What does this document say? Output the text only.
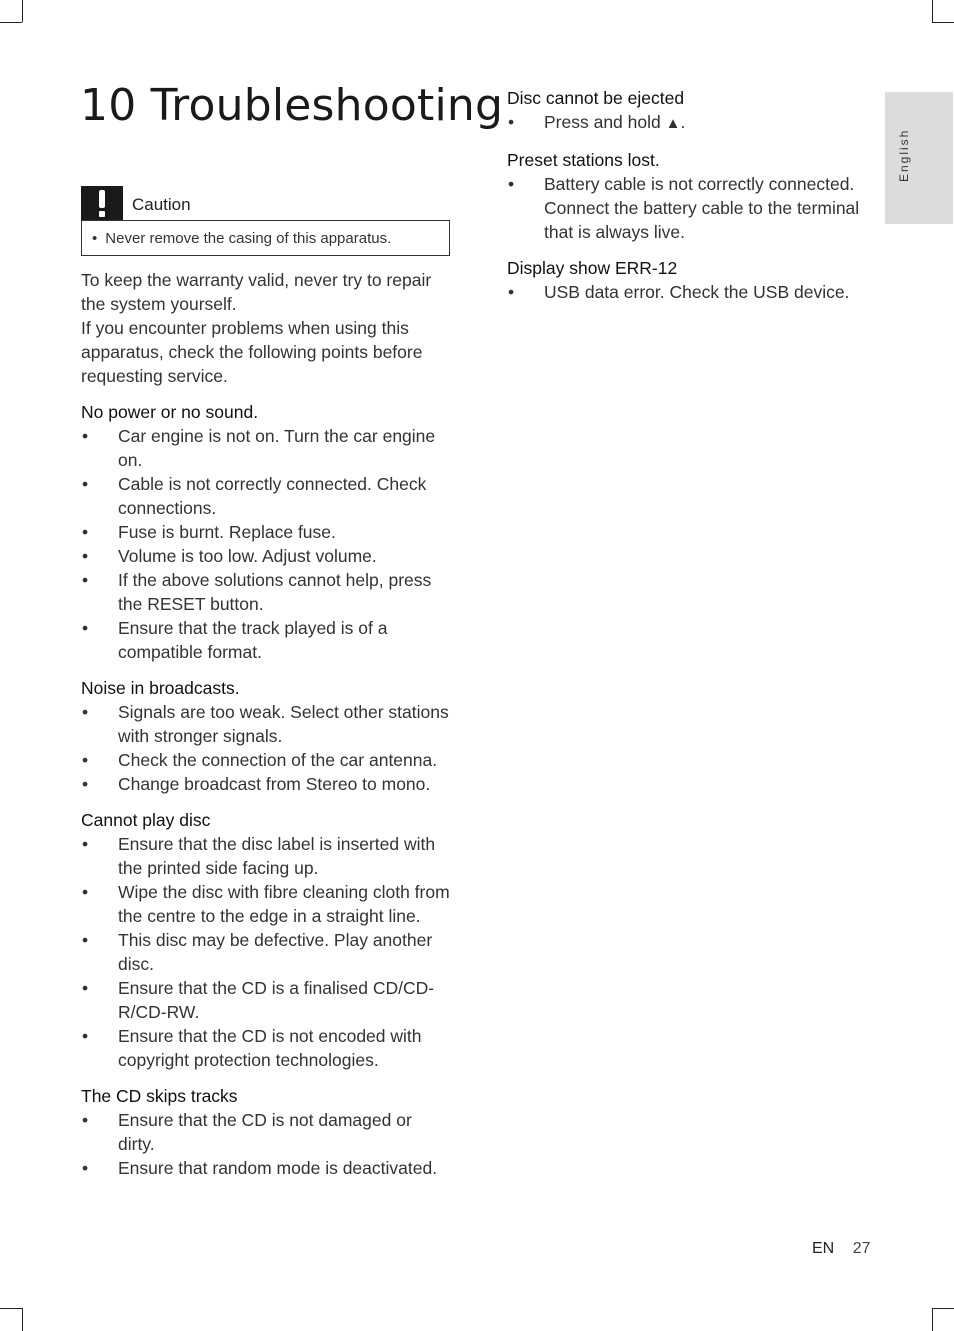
10 Troubleshooting
Caution
• Never remove the casing of this apparatus.

To keep the warranty valid, never try to repair the system yourself.

If you encounter problems when using this apparatus, check the following points before requesting service.

No power or no sound.

• Car engine is not on. Turn the car engine on.
• Cable is not correctly connected. Check connections.
• Fuse is burnt. Replace fuse.
• Volume is too low. Adjust volume.
• If the above solutions cannot help, press the RESET button.
• Ensure that the track played is of a compatible format.

Noise in broadcasts.

• Signals are too weak. Select other stations with stronger signals.
• Check the connection of the car antenna.
• Change broadcast from Stereo to mono.

Cannot play disc

• Ensure that the disc label is inserted with the printed side facing up.
• Wipe the disc with fibre cleaning cloth from the centre to the edge in a straight line.
• This disc may be defective. Play another disc.
• Ensure that the CD is a finalised CD/CD-R/CD-RW.
• Ensure that the CD is not encoded with copyright protection technologies.

The CD skips tracks

• Ensure that the CD is not damaged or dirty.
• Ensure that random mode is deactivated.

Disc cannot be ejected

• Press and hold ▲.

Preset stations lost.

• Battery cable is not correctly connected. Connect the battery cable to the terminal that is always live.

Display show ERR-12

• USB data error. Check the USB device.
English
EN 27
